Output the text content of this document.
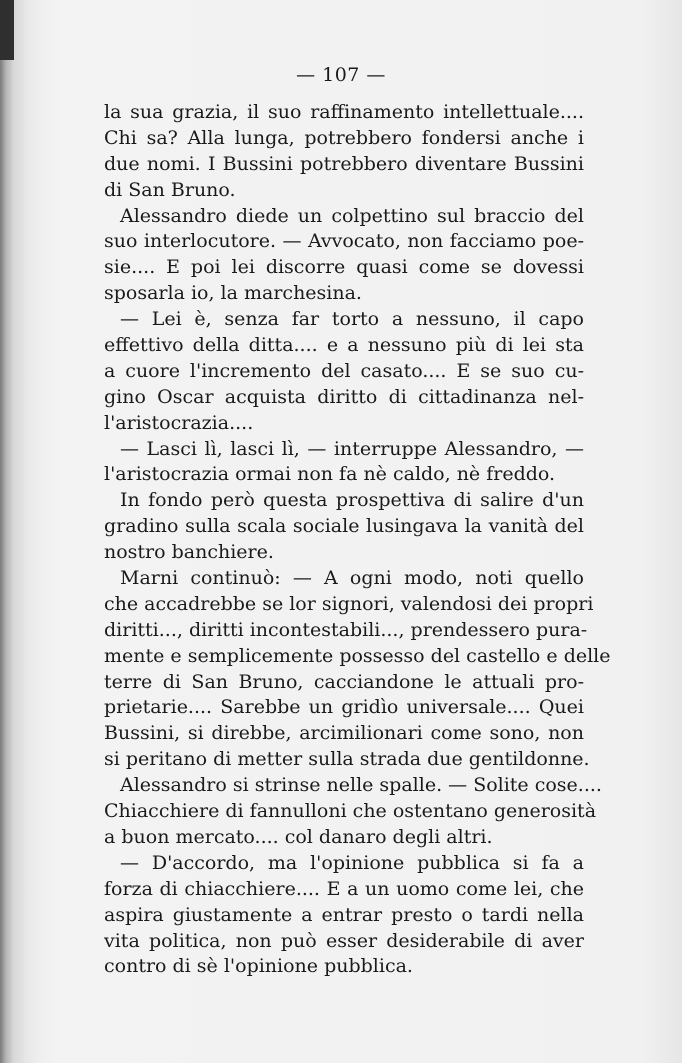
— 107 —
la sua grazia, il suo raffinamento intellettuale....
Chi sa? Alla lunga, potrebbero fondersi anche i
due nomi. I Bussini potrebbero diventare Bussini
di San Bruno.
Alessandro diede un colpettino sul braccio del
suo interlocutore. — Avvocato, non facciamo poe-
sie.... E poi lei discorre quasi come se dovessi
sposarla io, la marchesina.
— Lei è, senza far torto a nessuno, il capo
effettivo della ditta.... e a nessuno più di lei sta
a cuore l'incremento del casato.... E se suo cu-
gino Oscar acquista diritto di cittadinanza nel-
l'aristocrazia....
— Lasci lì, lasci lì, — interruppe Alessandro, —
l'aristocrazia ormai non fa nè caldo, nè freddo.
In fondo però questa prospettiva di salire d'un
gradino sulla scala sociale lusingava la vanità del
nostro banchiere.
Marni continuò: — A ogni modo, noti quello
che accadrebbe se lor signori, valendosi dei propri
diritti..., diritti incontestabili..., prendessero pura-
mente e semplicemente possesso del castello e delle
terre di San Bruno, cacciandone le attuali pro-
prietarie.... Sarebbe un gridìo universale.... Quei
Bussini, si direbbe, arcimilionari come sono, non
si peritano di metter sulla strada due gentildonne.
Alessandro si strinse nelle spalle. — Solite cose....
Chiacchiere di fannulloni che ostentano generosità
a buon mercato.... col danaro degli altri.
— D'accordo, ma l'opinione pubblica si fa a
forza di chiacchiere.... E a un uomo come lei, che
aspira giustamente a entrar presto o tardi nella
vita politica, non può esser desiderabile di aver
contro di sè l'opinione pubblica.
